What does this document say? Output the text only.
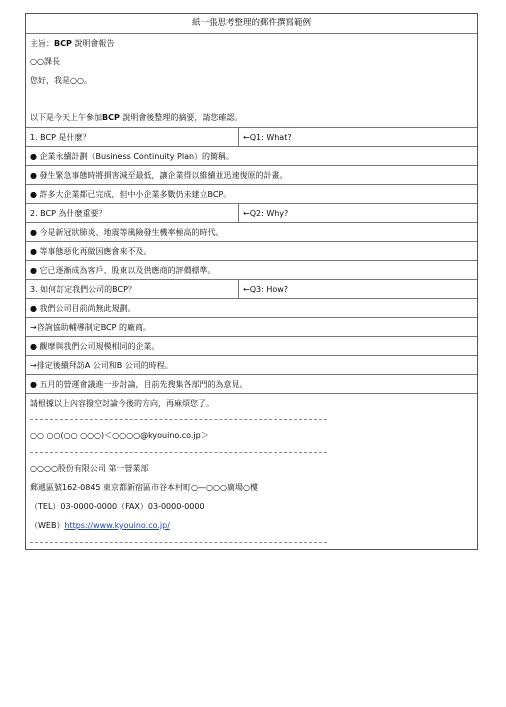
紙一張思考整理的郵件撰寫範例
主旨：BCP 說明會報告
○○課長
您好，我是○○。
以下是今天上午參加BCP 說明會後整理的摘要，請您確認。
1. BCP 是什麼？	←Q1: What?
● 企業永續計劃（Business Continuity Plan）的簡稱。
● 發生緊急事態時將損害減至最低，讓企業得以維續並迅速復原的計畫。
● 許多大企業都已完成，但中小企業多數仍未建立BCP。
2. BCP 為什麼重要？	←Q2: Why?
● 今是新冠狀肺炎、地震等風險發生機率極高的時代。
● 等事態惡化再做因應會來不及。
● 它已逐漸成為客戶、股東以及供應商的評價標準。
3. 如何訂定我們公司的BCP？	←Q3: How?
● 我們公司目前尚無此規劃。
→咨詢協助輔導制定BCP 的廠商。
● 觀摩與我們公司規模相同的企業。
→排定後續拜訪A 公司和B 公司的時程。
● 五月的營運會議進一步討論，目前先搜集各部門的為意見。
請根據以上內容撥空討論今後的方向，再麻煩您了。
○○ ○○(○○ ○○○)＜○○○○@kyouino.co.jp＞
○○○○股份有限公司 第一營業部
郵遞區號162-0845 東京都新宿區市谷本村町○—○○○廣場○樓
（TEL）03-0000-0000（FAX）03-0000-0000
（WEB）https://www.kyouino.co.jp/
